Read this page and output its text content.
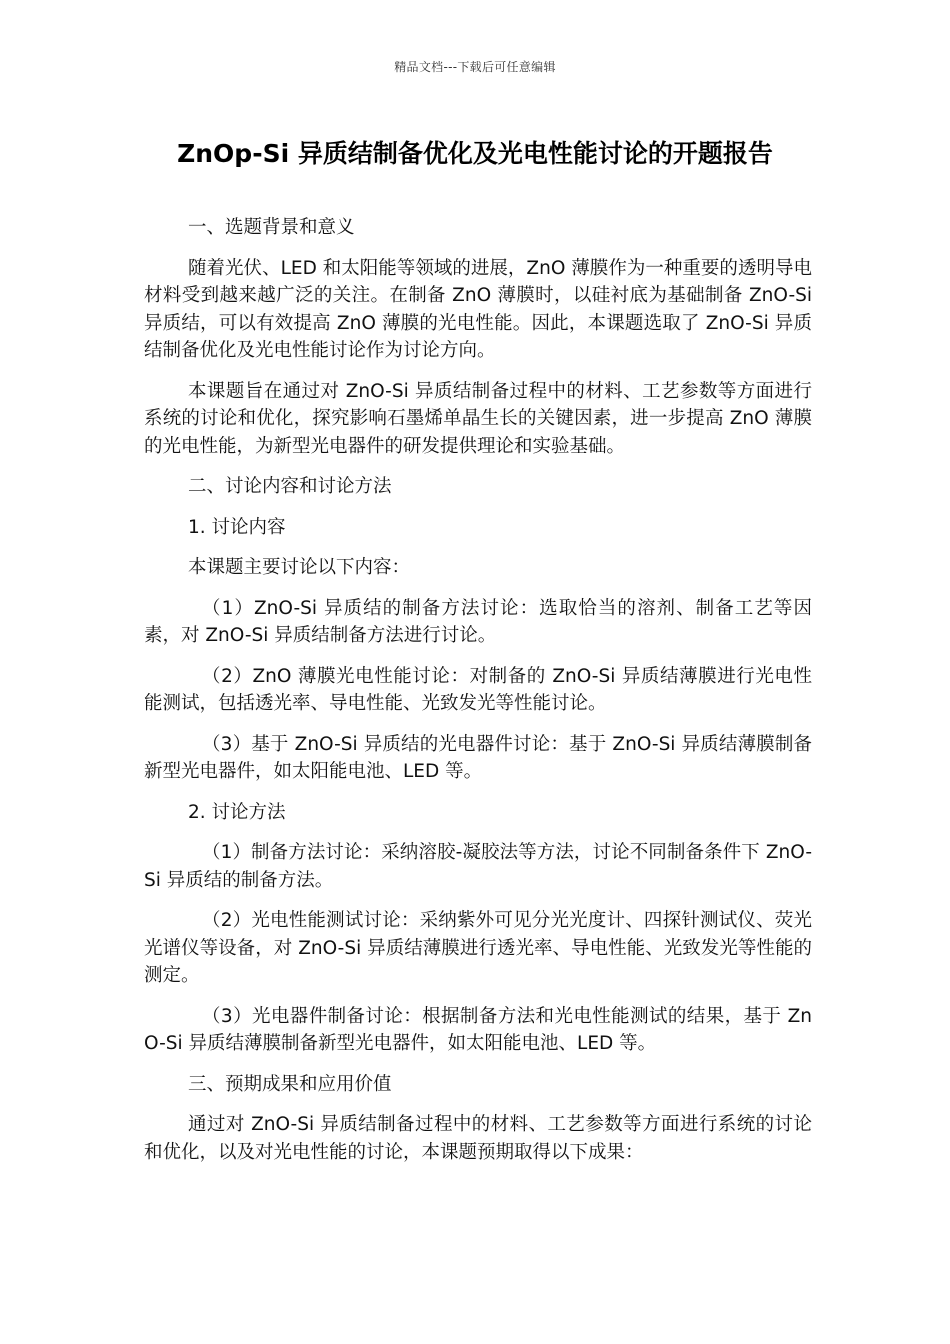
精品文档---下载后可任意编辑
ZnOp-Si 异质结制备优化及光电性能讨论的开题报告

一、选题背景和意义

随着光伏、LED 和太阳能等领域的进展，ZnO 薄膜作为一种重要的透明导电材料受到越来越广泛的关注。在制备 ZnO 薄膜时，以硅衬底为基础制备 ZnO-Si 异质结，可以有效提高 ZnO 薄膜的光电性能。因此，本课题选取了 ZnO-Si 异质结制备优化及光电性能讨论作为讨论方向。

本课题旨在通过对 ZnO-Si 异质结制备过程中的材料、工艺参数等方面进行系统的讨论和优化，探究影响石墨烯单晶生长的关键因素，进一步提高 ZnO 薄膜的光电性能，为新型光电器件的研发提供理论和实验基础。

二、讨论内容和讨论方法

1. 讨论内容

本课题主要讨论以下内容：

（1）ZnO-Si 异质结的制备方法讨论：选取恰当的溶剂、制备工艺等因素，对 ZnO-Si 异质结制备方法进行讨论。

（2）ZnO 薄膜光电性能讨论：对制备的 ZnO-Si 异质结薄膜进行光电性能测试，包括透光率、导电性能、光致发光等性能讨论。

（3）基于 ZnO-Si 异质结的光电器件讨论：基于 ZnO-Si 异质结薄膜制备新型光电器件，如太阳能电池、LED 等。

2. 讨论方法

（1）制备方法讨论：采纳溶胶-凝胶法等方法，讨论不同制备条件下 ZnO-Si 异质结的制备方法。

（2）光电性能测试讨论：采纳紫外可见分光光度计、四探针测试仪、荧光光谱仪等设备，对 ZnO-Si 异质结薄膜进行透光率、导电性能、光致发光等性能的测定。

（3）光电器件制备讨论：根据制备方法和光电性能测试的结果，基于 ZnO-Si 异质结薄膜制备新型光电器件，如太阳能电池、LED 等。

三、预期成果和应用价值

通过对 ZnO-Si 异质结制备过程中的材料、工艺参数等方面进行系统的讨论和优化，以及对光电性能的讨论，本课题预期取得以下成果：
